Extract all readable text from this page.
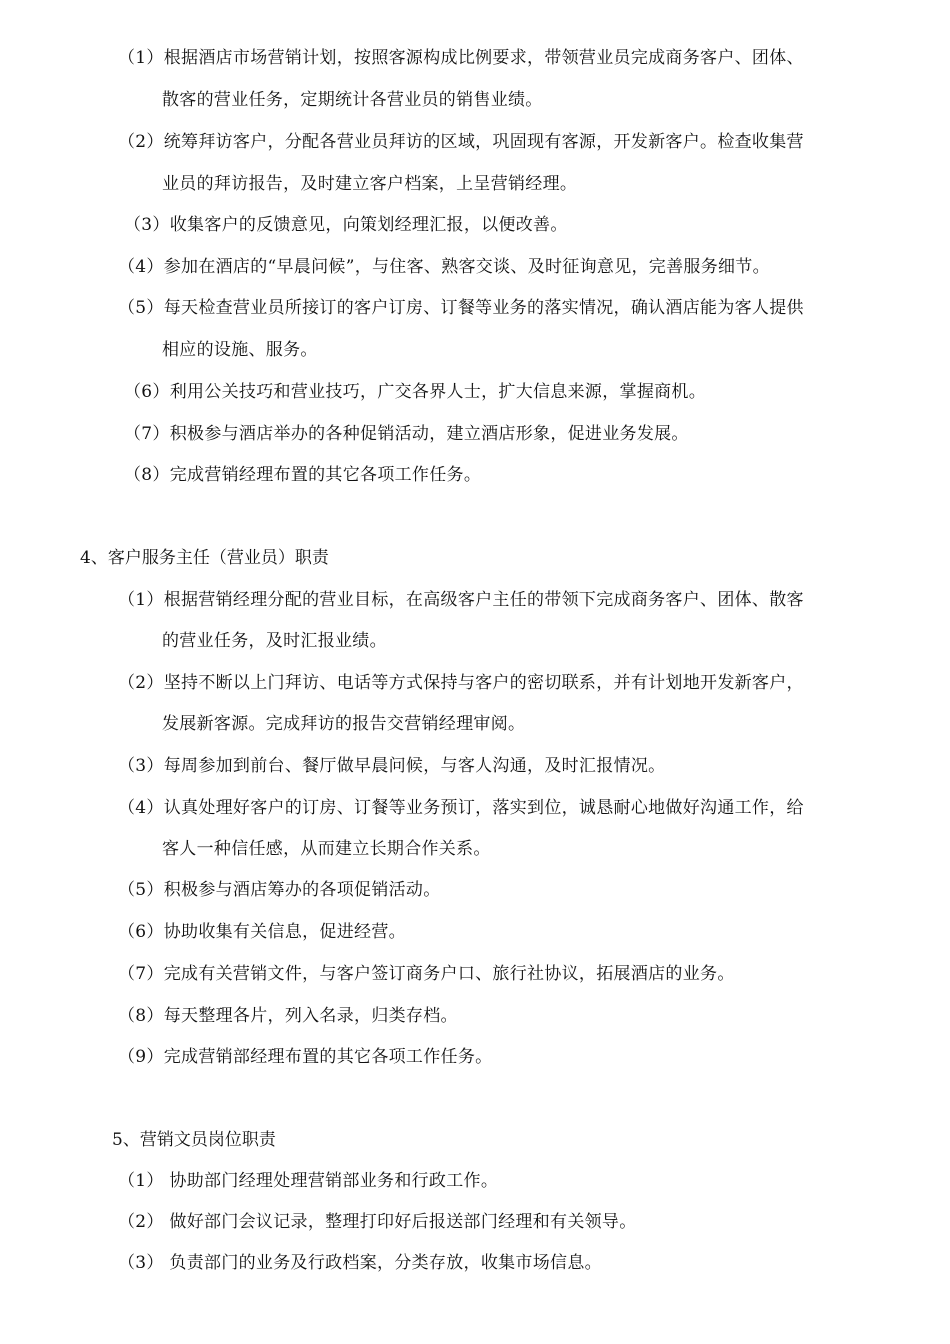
（1）根据酒店市场营销计划，按照客源构成比例要求，带领营业员完成商务客户、团体、
散客的营业任务，定期统计各营业员的销售业绩。
（2）统筹拜访客户，分配各营业员拜访的区域，巩固现有客源，开发新客户。检查收集营
业员的拜访报告，及时建立客户档案，上呈营销经理。
（3）收集客户的反馈意见，向策划经理汇报，以便改善。
（4）参加在酒店的“早晨问候”，与住客、熟客交谈、及时征询意见，完善服务细节。
（5）每天检查营业员所接订的客户订房、订餐等业务的落实情况，确认酒店能为客人提供
相应的设施、服务。
（6）利用公关技巧和营业技巧，广交各界人士，扩大信息来源，掌握商机。
（7）积极参与酒店举办的各种促销活动，建立酒店形象，促进业务发展。
（8）完成营销经理布置的其它各项工作任务。
4、客户服务主任（营业员）职责
（1）根据营销经理分配的营业目标，在高级客户主任的带领下完成商务客户、团体、散客
的营业任务，及时汇报业绩。
（2）坚持不断以上门拜访、电话等方式保持与客户的密切联系，并有计划地开发新客户，
发展新客源。完成拜访的报告交营销经理审阅。
（3）每周参加到前台、餐厅做早晨问候，与客人沟通，及时汇报情况。
（4）认真处理好客户的订房、订餐等业务预订，落实到位，诚恳耐心地做好沟通工作，给
客人一种信任感，从而建立长期合作关系。
（5）积极参与酒店筹办的各项促销活动。
（6）协助收集有关信息，促进经营。
（7）完成有关营销文件，与客户签订商务户口、旅行社协议，拓展酒店的业务。
（8）每天整理各片，列入名录，归类存档。
（9）完成营销部经理布置的其它各项工作任务。
5、营销文员岗位职责
（1） 协助部门经理处理营销部业务和行政工作。
（2） 做好部门会议记录，整理打印好后报送部门经理和有关领导。
（3） 负责部门的业务及行政档案，分类存放，收集市场信息。
